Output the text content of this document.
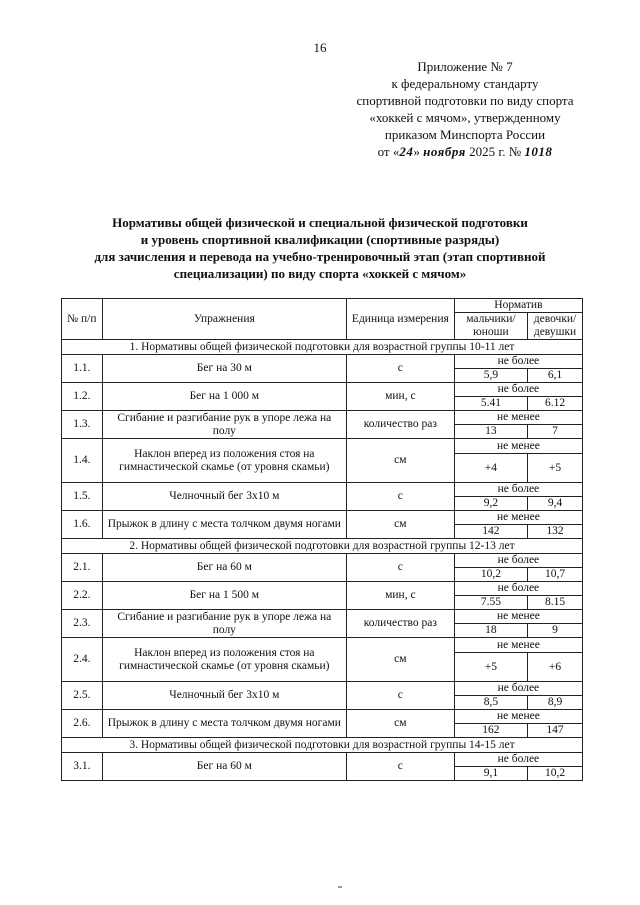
16
Приложение № 7
к федеральному стандарту
спортивной подготовки по виду спорта
«хоккей с мячом», утвержденному
приказом Минспорта России
от «24» ноября 2025 г. № 1018
Нормативы общей физической и специальной физической подготовки
и уровень спортивной квалификации (спортивные разряды)
для зачисления и перевода на учебно-тренировочный этап (этап спортивной
специализации) по виду спорта «хоккей с мячом»
№ п/п	Упражнения	Единица измерения	Норматив	
			мальчики/ юноши	девочки/ девушки
1. Нормативы общей физической подготовки для возрастной группы 10-11 лет				
1.1.	Бег на 30 м	с	не более	
			5,9	6,1
1.2.	Бег на 1 000 м	мин, с	не более	
			5.41	6.12
1.3.	Сгибание и разгибание рук в упоре лежа на полу	количество раз	не менее	
			13	7
1.4.	Наклон вперед из положения стоя на гимнастической скамье (от уровня скамьи)	см	не менее	
			+4	+5
1.5.	Челночный бег 3х10 м	с	не более	
			9,2	9,4
1.6.	Прыжок в длину с места толчком двумя ногами	см	не менее	
			142	132
2. Нормативы общей физической подготовки для возрастной группы 12-13 лет				
2.1.	Бег на 60 м	с	не более	
			10,2	10,7
2.2.	Бег на 1 500 м	мин, с	не более	
			7.55	8.15
2.3.	Сгибание и разгибание рук в упоре лежа на полу	количество раз	не менее	
			18	9
2.4.	Наклон вперед из положения стоя на гимнастической скамье (от уровня скамьи)	см	не менее	
			+5	+6
2.5.	Челночный бег 3х10 м	с	не более	
			8,5	8,9
2.6.	Прыжок в длину с места толчком двумя ногами	см	не менее	
			162	147
3. Нормативы общей физической подготовки для возрастной группы 14-15 лет				
3.1.	Бег на 60 м	с	не более	
			9,1	10,2
